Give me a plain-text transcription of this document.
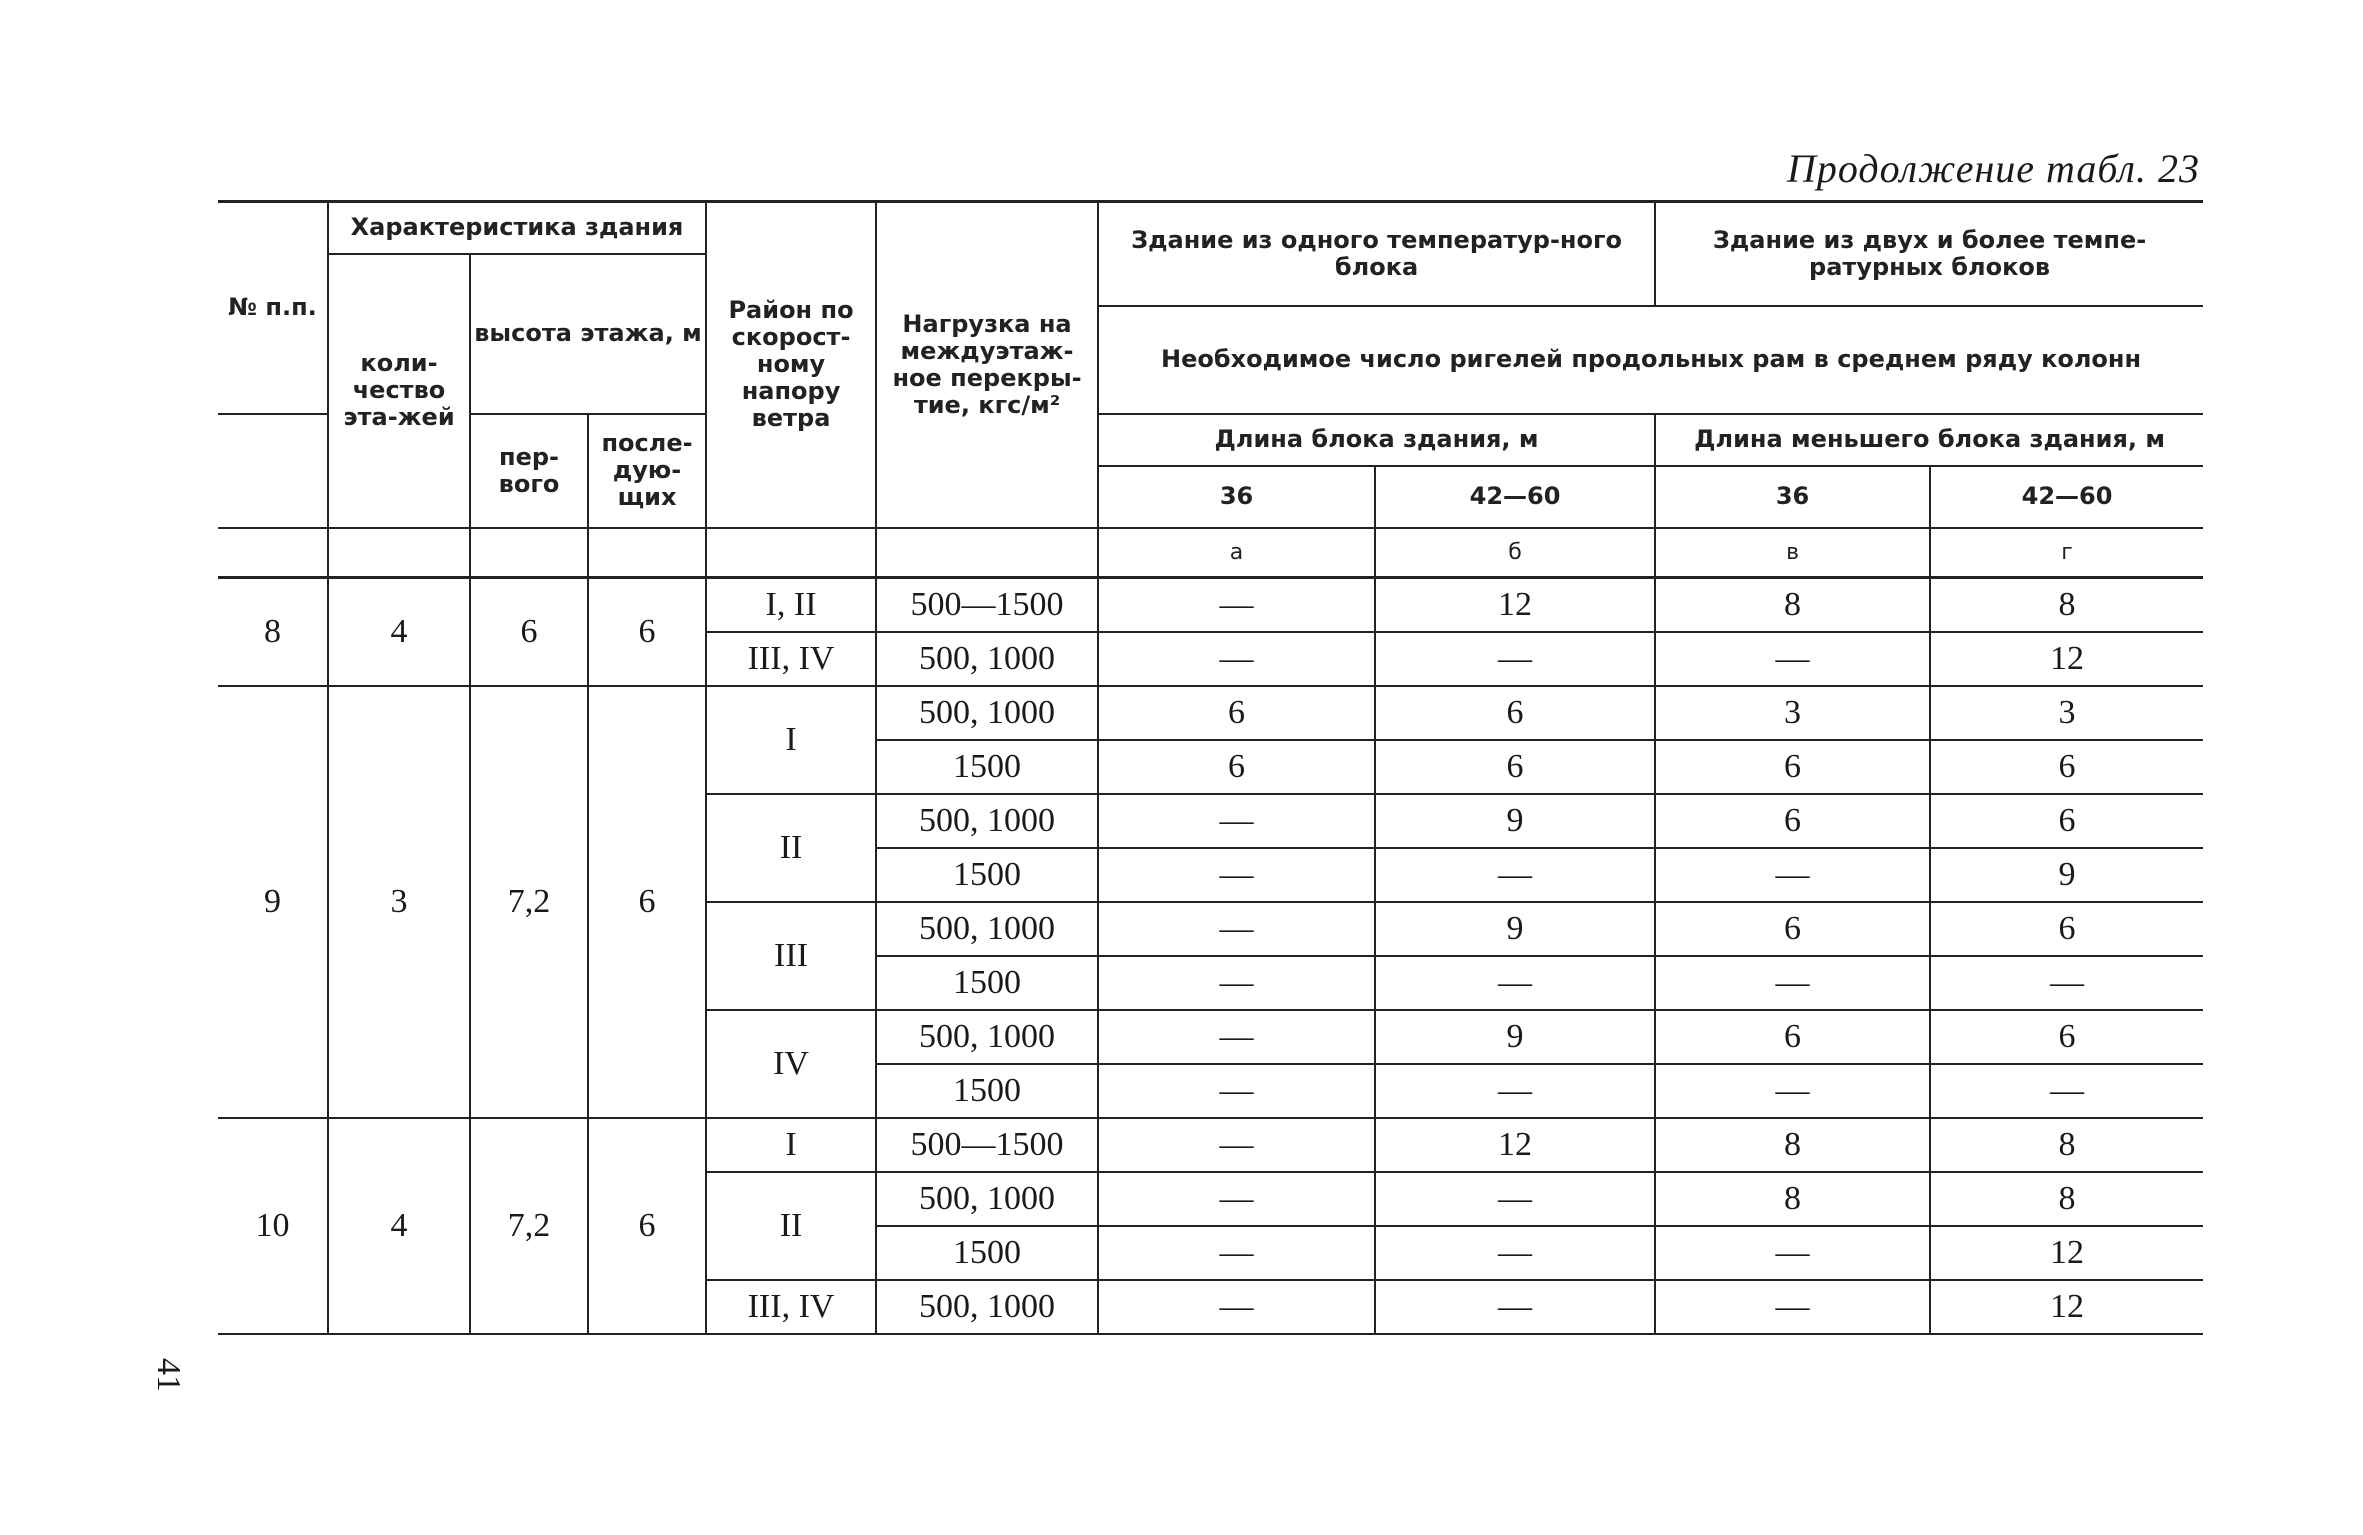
Продолжение табл. 23
№ п.п.	Характеристика здания			Район по скорост-ному напору ветра	Нагрузка на междуэтаж-ное перекры-тие, кгс/м²	Здание из одного температур-ного блока		Здание из двух и более темпе-ратурных блоков	
	коли-чество эта-жей	высота этажа, м							
						Необходимое число ригелей продольных рам в среднем ряду колонн			
		пер-вого	после-дую-щих			Длина блока здания, м		Длина меньшего блока здания, м	
						36	42—60	36	42—60
						а	б	в	г
8	4	6	6	I, II	500—1500	—	12	8	8
				III, IV	500, 1000	—	—	—	12
9	3	7,2	6	I	500, 1000	6	6	3	3
					1500	6	6	6	6
				II	500, 1000	—	9	6	6
					1500	—	—	—	9
				III	500, 1000	—	9	6	6
					1500	—	—	—	—
				IV	500, 1000	—	9	6	6
					1500	—	—	—	—
10	4	7,2	6	I	500—1500	—	12	8	8
				II	500, 1000	—	—	8	8
					1500	—	—	—	12
				III, IV	500, 1000	—	—	—	12
41
